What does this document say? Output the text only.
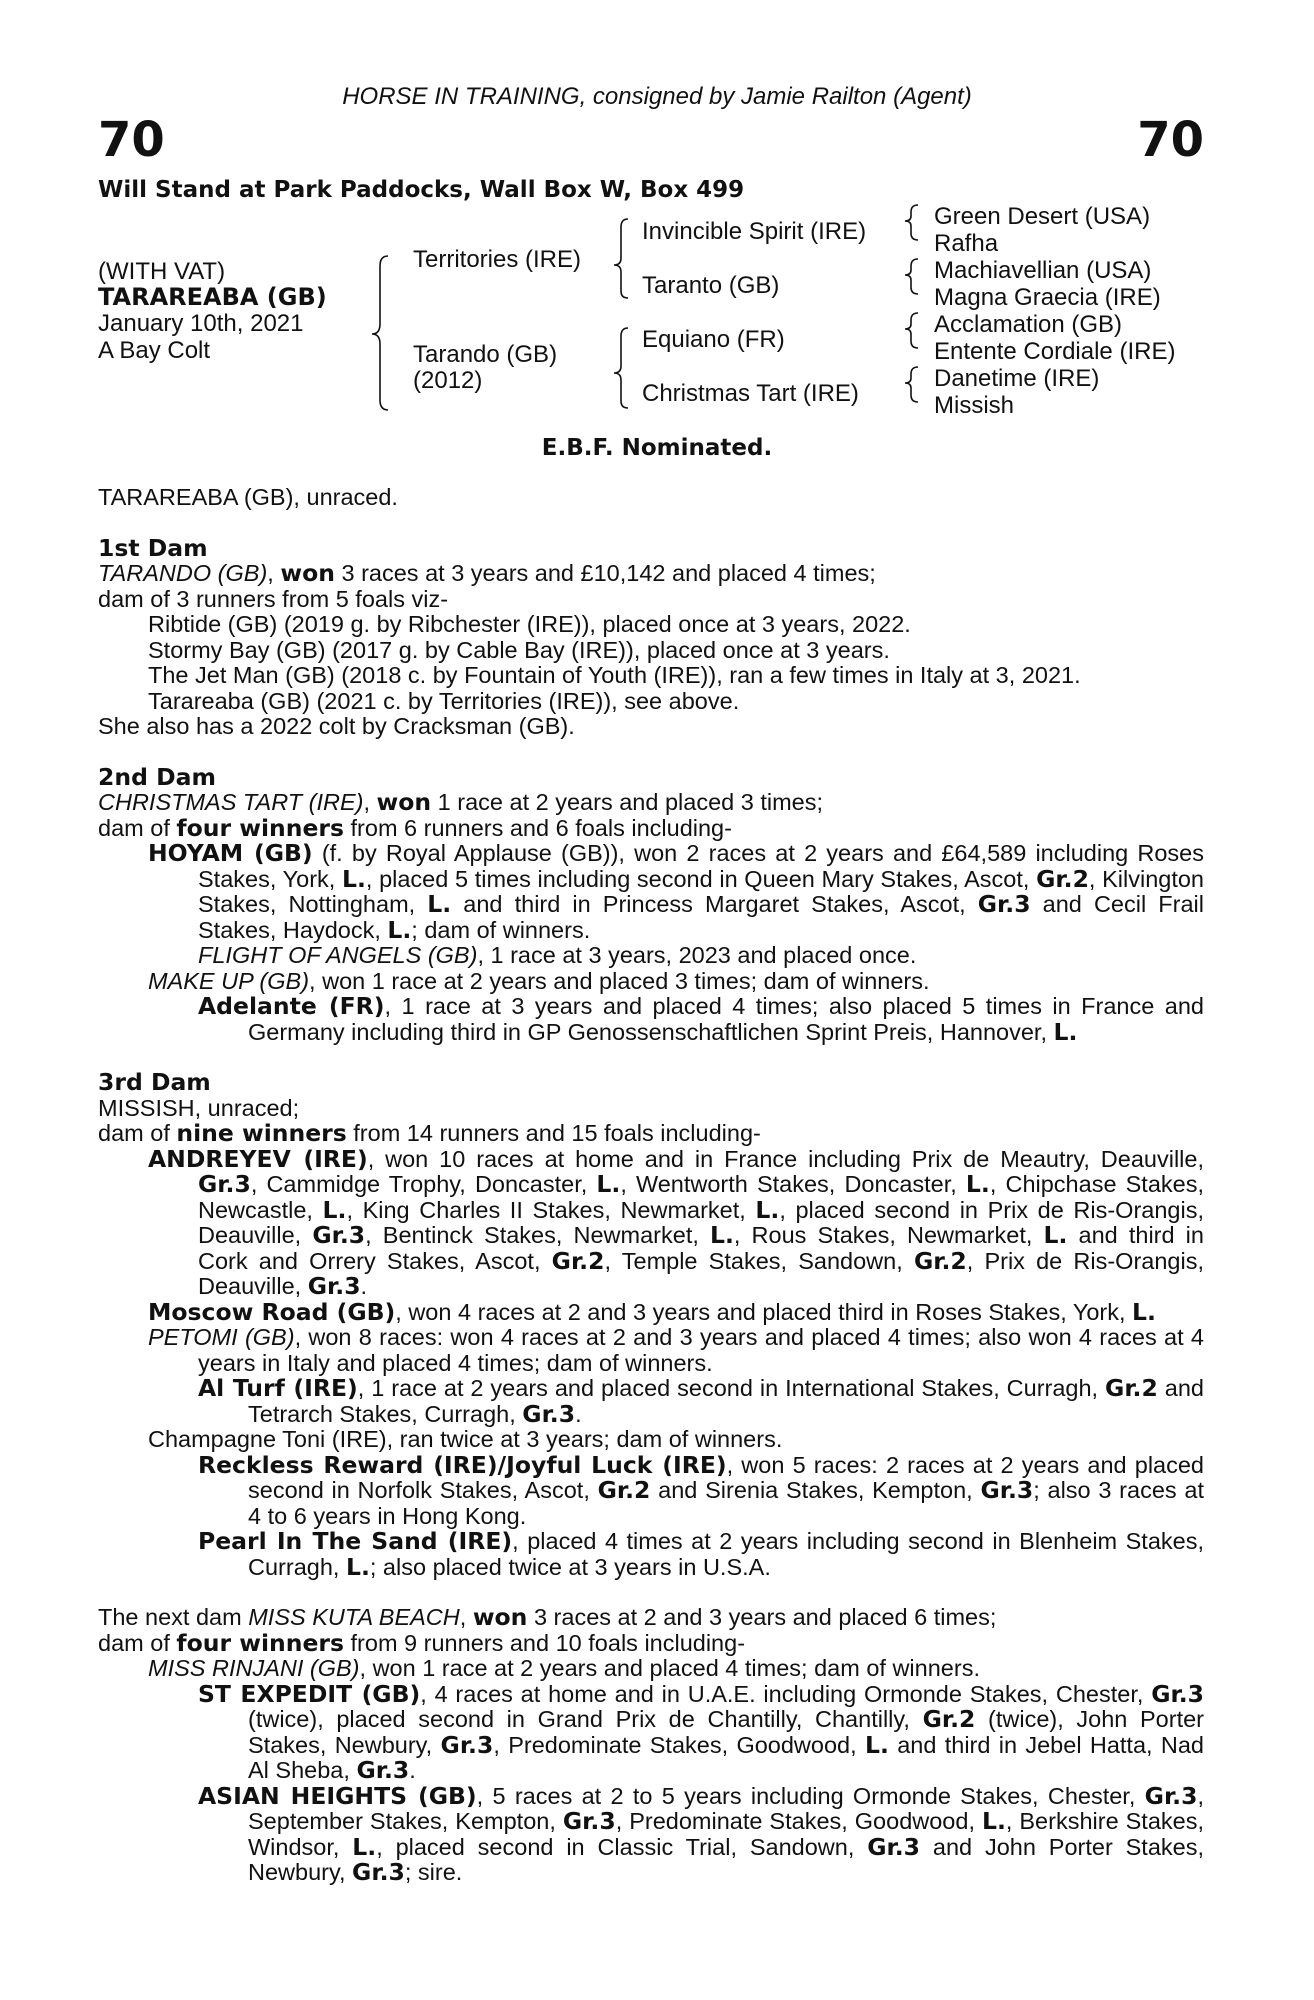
HORSE IN TRAINING, consigned by Jamie Railton (Agent)
70	70
Will Stand at Park Paddocks, Wall Box W, Box 499
(WITH VAT)
TARAREABA (GB)
January 10th, 2021
A Bay Colt
Territories (IRE)
Tarando (GB)
(2012)
Invincible Spirit (IRE)
Taranto (GB)
Equiano (FR)
Christmas Tart (IRE)
Green Desert (USA)
Rafha
Machiavellian (USA)
Magna Graecia (IRE)
Acclamation (GB)
Entente Cordiale (IRE)
Danetime (IRE)
Missish
E.B.F. Nominated.

TARAREABA (GB), unraced.

1st Dam

TARANDO (GB), won 3 races at 3 years and £10,142 and placed 4 times;

dam of 3 runners from 5 foals viz-

Ribtide (GB) (2019 g. by Ribchester (IRE)), placed once at 3 years, 2022.

Stormy Bay (GB) (2017 g. by Cable Bay (IRE)), placed once at 3 years.

The Jet Man (GB) (2018 c. by Fountain of Youth (IRE)), ran a few times in Italy at 3, 2021.

Tarareaba (GB) (2021 c. by Territories (IRE)), see above.

She also has a 2022 colt by Cracksman (GB).

2nd Dam

CHRISTMAS TART (IRE), won 1 race at 2 years and placed 3 times;

dam of four winners from 6 runners and 6 foals including-

HOYAM (GB) (f. by Royal Applause (GB)), won 2 races at 2 years and £64,589 including Roses Stakes, York, L., placed 5 times including second in Queen Mary Stakes, Ascot, Gr.2, Kilvington Stakes, Nottingham, L. and third in Princess Margaret Stakes, Ascot, Gr.3 and Cecil Frail Stakes, Haydock, L.; dam of winners.

FLIGHT OF ANGELS (GB), 1 race at 3 years, 2023 and placed once.

MAKE UP (GB), won 1 race at 2 years and placed 3 times; dam of winners.

Adelante (FR), 1 race at 3 years and placed 4 times; also placed 5 times in France and Germany including third in GP Genossenschaftlichen Sprint Preis, Hannover, L.

3rd Dam

MISSISH, unraced;

dam of nine winners from 14 runners and 15 foals including-

ANDREYEV (IRE), won 10 races at home and in France including Prix de Meautry, Deauville, Gr.3, Cammidge Trophy, Doncaster, L., Wentworth Stakes, Doncaster, L., Chipchase Stakes, Newcastle, L., King Charles II Stakes, Newmarket, L., placed second in Prix de Ris-Orangis, Deauville, Gr.3, Bentinck Stakes, Newmarket, L., Rous Stakes, Newmarket, L. and third in Cork and Orrery Stakes, Ascot, Gr.2, Temple Stakes, Sandown, Gr.2, Prix de Ris-Orangis, Deauville, Gr.3.

Moscow Road (GB), won 4 races at 2 and 3 years and placed third in Roses Stakes, York, L.

PETOMI (GB), won 8 races: won 4 races at 2 and 3 years and placed 4 times; also won 4 races at 4 years in Italy and placed 4 times; dam of winners.

Al Turf (IRE), 1 race at 2 years and placed second in International Stakes, Curragh, Gr.2 and Tetrarch Stakes, Curragh, Gr.3.

Champagne Toni (IRE), ran twice at 3 years; dam of winners.

Reckless Reward (IRE)/Joyful Luck (IRE), won 5 races: 2 races at 2 years and placed second in Norfolk Stakes, Ascot, Gr.2 and Sirenia Stakes, Kempton, Gr.3; also 3 races at 4 to 6 years in Hong Kong.

Pearl In The Sand (IRE), placed 4 times at 2 years including second in Blenheim Stakes, Curragh, L.; also placed twice at 3 years in U.S.A.

The next dam MISS KUTA BEACH, won 3 races at 2 and 3 years and placed 6 times;

dam of four winners from 9 runners and 10 foals including-

MISS RINJANI (GB), won 1 race at 2 years and placed 4 times; dam of winners.

ST EXPEDIT (GB), 4 races at home and in U.A.E. including Ormonde Stakes, Chester, Gr.3 (twice), placed second in Grand Prix de Chantilly, Chantilly, Gr.2 (twice), John Porter Stakes, Newbury, Gr.3, Predominate Stakes, Goodwood, L. and third in Jebel Hatta, Nad Al Sheba, Gr.3.

ASIAN HEIGHTS (GB), 5 races at 2 to 5 years including Ormonde Stakes, Chester, Gr.3, September Stakes, Kempton, Gr.3, Predominate Stakes, Goodwood, L., Berkshire Stakes, Windsor, L., placed second in Classic Trial, Sandown, Gr.3 and John Porter Stakes, Newbury, Gr.3; sire.
